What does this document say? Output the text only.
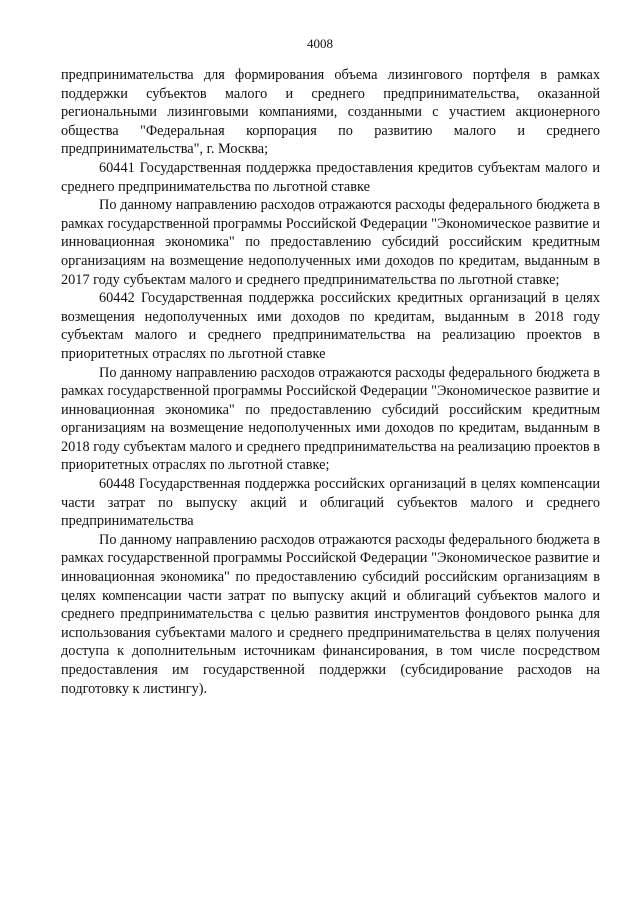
4008

предпринимательства для формирования объема лизингового портфеля в рамках поддержки субъектов малого и среднего предпринимательства, оказанной региональными лизинговыми компаниями, созданными с участием акционерного общества "Федеральная корпорация по развитию малого и среднего предпринимательства", г. Москва;

60441 Государственная поддержка предоставления кредитов субъектам малого и среднего предпринимательства по льготной ставке

По данному направлению расходов отражаются расходы федерального бюджета в рамках государственной программы Российской Федерации "Экономическое развитие и инновационная экономика" по предоставлению субсидий российским кредитным организациям на возмещение недополученных ими доходов по кредитам, выданным в 2017 году субъектам малого и среднего предпринимательства по льготной ставке;

60442 Государственная поддержка российских кредитных организаций в целях возмещения недополученных ими доходов по кредитам, выданным в 2018 году субъектам малого и среднего предпринимательства на реализацию проектов в приоритетных отраслях по льготной ставке

По данному направлению расходов отражаются расходы федерального бюджета в рамках государственной программы Российской Федерации "Экономическое развитие и инновационная экономика" по предоставлению субсидий российским кредитным организациям на возмещение недополученных ими доходов по кредитам, выданным в 2018 году субъектам малого и среднего предпринимательства на реализацию проектов в приоритетных отраслях по льготной ставке;

60448 Государственная поддержка российских организаций в целях компенсации части затрат по выпуску акций и облигаций субъектов малого и среднего предпринимательства

По данному направлению расходов отражаются расходы федерального бюджета в рамках государственной программы Российской Федерации "Экономическое развитие и инновационная экономика" по предоставлению субсидий российским организациям в целях компенсации части затрат по выпуску акций и облигаций субъектов малого и среднего предпринимательства с целью развития инструментов фондового рынка для использования субъектами малого и среднего предпринимательства в целях получения доступа к дополнительным источникам финансирования, в том числе посредством предоставления им государственной поддержки (субсидирование расходов на подготовку к листингу).
